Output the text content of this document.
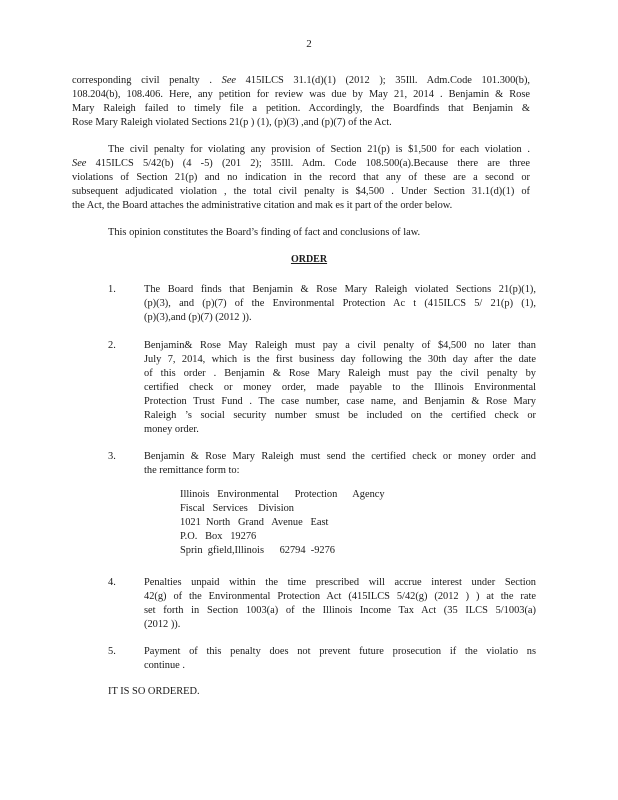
2

corresponding civil penalty . See 415ILCS 31.1(d)(1) (2012 ); 35Ill. Adm.Code 101.300(b),
108.204(b), 108.406. Here, any petition for review was due by May 21, 2014 . Benjamin & Rose
Mary Raleigh failed to timely file a petition. Accordingly, the Boardfinds that Benjamin &
Rose Mary Raleigh violated Sections 21(p ) (1), (p)(3) ,and (p)(7) of the Act.

The civil penalty for violating any provision of Section 21(p) is $1,500 for each violation .
See 415ILCS 5/42(b) (4 -5) (201 2); 35Ill. Adm. Code 108.500(a).Because there are three
violations of Section 21(p) and no indication in the record that any of these are a second or
subsequent adjudicated violation , the total civil penalty is $4,500 . Under Section 31.1(d)(1) of
the Act, the Board attaches the administrative citation and mak es it part of the order below.

This opinion constitutes the Board’s finding of fact and conclusions of law.

ORDER
1.	The Board finds that Benjamin & Rose Mary Raleigh violated Sections 21(p)(1),
(p)(3), and (p)(7) of the Environmental Protection Ac t (415ILCS 5/ 21(p) (1),
(p)(3),and (p)(7) (2012 )).
2.	Benjamin& Rose May Raleigh must pay a civil penalty of $4,500 no later than
July 7, 2014, which is the first business day following the 30th day after the date
of this order . Benjamin & Rose Mary Raleigh must pay the civil penalty by
certified check or money order, made payable to the Illinois Environmental
Protection Trust Fund . The case number, case name, and Benjamin & Rose Mary
Raleigh ’s social security number smust be included on the certified check or
money order.
3.	Benjamin & Rose Mary Raleigh must send the certified check or money order and
the remittance form to:
Illinois   Environmental      Protection      Agency
Fiscal   Services    Division
1021  North   Grand   Avenue   East
P.O.   Box   19276
Sprin  gfield,Illinois      62794  -9276
4.	Penalties unpaid within the time prescribed will accrue interest under Section
42(g) of the Environmental Protection Act (415ILCS 5/42(g) (2012 ) ) at the rate
set forth in Section 1003(a) of the Illinois Income Tax Act (35 ILCS 5/1003(a)
(2012 )).
5.	Payment of this penalty does not prevent future prosecution if the violatio ns
continue .
IT IS SO ORDERED.
